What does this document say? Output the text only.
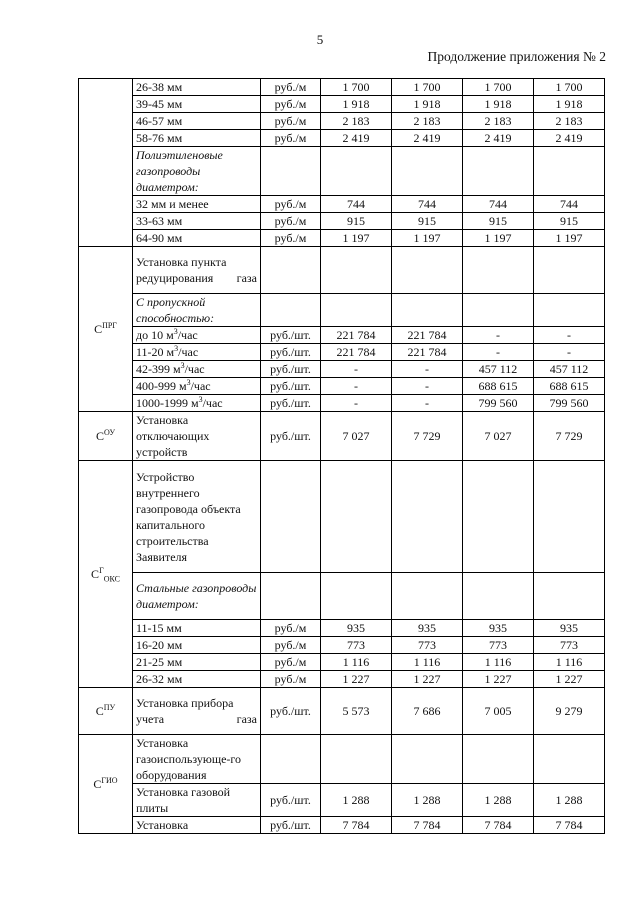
5
Продолжение приложения № 2
	26-38 мм	руб./м	1 700	1 700	1 700	1 700
	39-45 мм	руб./м	1 918	1 918	1 918	1 918
	46-57 мм	руб./м	2 183	2 183	2 183	2 183
	58-76 мм	руб./м	2 419	2 419	2 419	2 419
	Полиэтиленовые газопроводы диаметром:					
	32 мм и менее	руб./м	744	744	744	744
	33-63 мм	руб./м	915	915	915	915
	64-90 мм	руб./м	1 197	1 197	1 197	1 197
$С^{ПРГ}$	Установка пункта редуцирования газа					
	С пропускной способностью:					
	до 10 $м^3$/час	руб./шт.	221 784	221 784	-	-
	11-20 $м^3$/час	руб./шт.	221 784	221 784	-	-
	42-399 $м^3$/час	руб./шт.	-	-	457 112	457 112
	400-999 $м^3$/час	руб./шт.	-	-	688 615	688 615
	1000-1999 $м^3$/час	руб./шт.	-	-	799 560	799 560
$С^{ОУ}$	Установка отключающих устройств	руб./шт.	7 027	7 729	7 027	7 729
$С^Г_{ОКС}$	Устройство внутреннего газопровода объекта капитального строительства Заявителя					
	Стальные газопроводы диаметром:					
	11-15 мм	руб./м	935	935	935	935
	16-20 мм	руб./м	773	773	773	773
	21-25 мм	руб./м	1 116	1 116	1 116	1 116
	26-32 мм	руб./м	1 227	1 227	1 227	1 227
$С^{ПУ}$	Установка прибора учета газа	руб./шт.	5 573	7 686	7 005	9 279
$С^{ГИО}$	Установка газоиспользующе-го оборудования					
	Установка газовой плиты	руб./шт.	1 288	1 288	1 288	1 288
	Установка	руб./шт.	7 784	7 784	7 784	7 784
